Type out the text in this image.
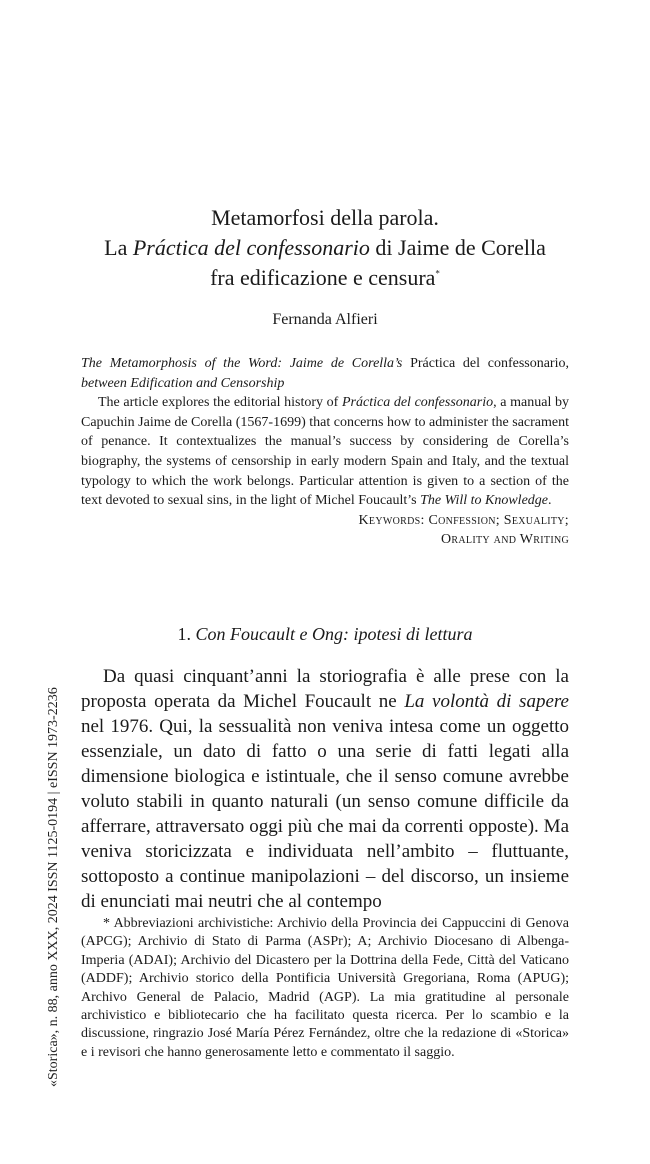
Metamorfosi della parola.
La Práctica del confessonario di Jaime de Corella
fra edificazione e censura*
Fernanda Alfieri

The Metamorphosis of the Word: Jaime de Corella’s Práctica del confessonario, between Edification and Censorship

The article explores the editorial history of Práctica del confessonario, a manual by Capuchin Jaime de Corella (1567-1699) that concerns how to administer the sacrament of penance. It contextualizes the manual’s success by considering de Corella’s biography, the systems of censorship in early modern Spain and Italy, and the textual typology to which the work belongs. Particular attention is given to a section of the text devoted to sexual sins, in the light of Michel Foucault’s The Will to Knowledge.

Keywords: Confession; Sexuality;
Orality and Writing
1. Con Foucault e Ong: ipotesi di lettura

Da quasi cinquant’anni la storiografia è alle prese con la proposta operata da Michel Foucault ne La volontà di sapere nel 1976. Qui, la sessualità non veniva intesa come un oggetto essenziale, un dato di fatto o una serie di fatti legati alla dimensione biologica e istintuale, che il senso comune avrebbe voluto stabili in quanto naturali (un senso comune difficile da afferrare, attraversato oggi più che mai da correnti opposte). Ma veniva storicizzata e individuata nell’ambito – fluttuante, sottoposto a continue manipolazioni – del discorso, un insieme di enunciati mai neutri che al contempo

* Abbreviazioni archivistiche: Archivio della Provincia dei Cappuccini di Genova (APCG); Archivio di Stato di Parma (ASPr); A; Archivio Diocesano di Albenga-Imperia (ADAI); Archivio del Dicastero per la Dottrina della Fede, Città del Vaticano (ADDF); Archivio storico della Pontificia Università Gregoriana, Roma (APUG); Archivo General de Palacio, Madrid (AGP). La mia gratitudine al personale archivistico e bibliotecario che ha facilitato questa ricerca. Per lo scambio e la discussione, ringrazio José María Pérez Fernández, oltre che la redazione di «Storica» e i revisori che hanno generosamente letto e commentato il saggio.

«Storica», n. 88, anno XXX, 2024 ISSN 1125-0194 | eISSN 1973-2236
